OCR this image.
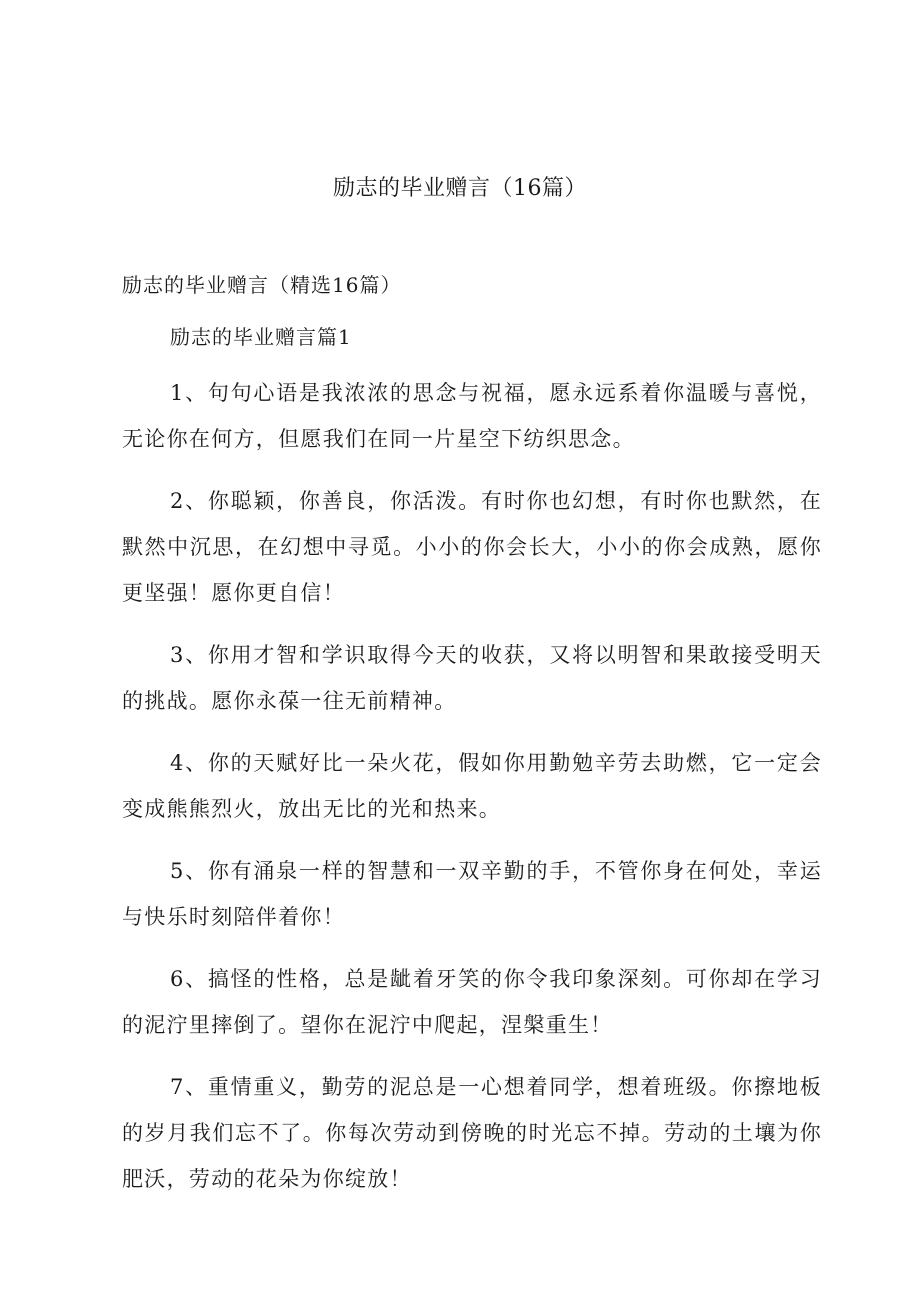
励志的毕业赠言（16篇）

励志的毕业赠言（精选16篇）

励志的毕业赠言篇1

1、句句心语是我浓浓的思念与祝福，愿永远系着你温暖与喜悦，无论你在何方，但愿我们在同一片星空下纺织思念。

2、你聪颖，你善良，你活泼。有时你也幻想，有时你也默然，在默然中沉思，在幻想中寻觅。小小的你会长大，小小的你会成熟，愿你更坚强！愿你更自信！

3、你用才智和学识取得今天的收获，又将以明智和果敢接受明天的挑战。愿你永葆一往无前精神。

4、你的天赋好比一朵火花，假如你用勤勉辛劳去助燃，它一定会变成熊熊烈火，放出无比的光和热来。

5、你有涌泉一样的智慧和一双辛勤的手，不管你身在何处，幸运与快乐时刻陪伴着你！

6、搞怪的性格，总是龇着牙笑的你令我印象深刻。可你却在学习的泥泞里摔倒了。望你在泥泞中爬起，涅槃重生！

7、重情重义，勤劳的泥总是一心想着同学，想着班级。你擦地板的岁月我们忘不了。你每次劳动到傍晚的时光忘不掉。劳动的土壤为你肥沃，劳动的花朵为你绽放！
